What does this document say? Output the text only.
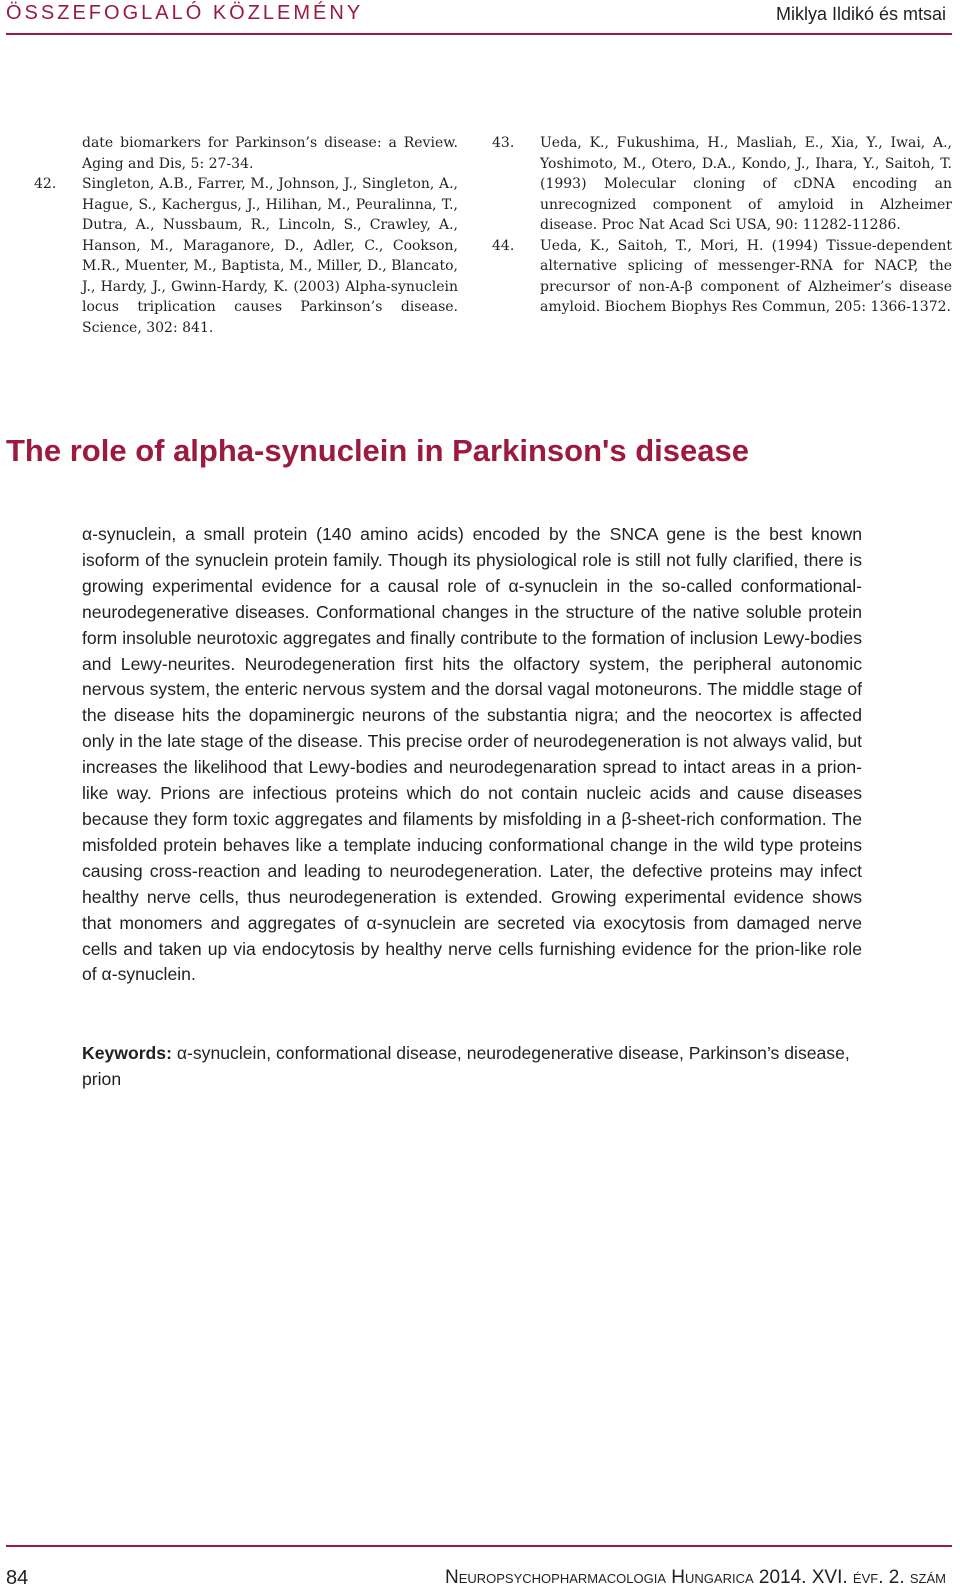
ÖSSZEFOGLALÓ KÖZLEMÉNY	Miklya Ildikó és mtsai
date biomarkers for Parkinson’s disease: a Review. Aging and Dis, 5: 27-34.
42. Singleton, A.B., Farrer, M., Johnson, J., Singleton, A., Hague, S., Kachergus, J., Hilihan, M., Peuralinna, T., Dutra, A., Nussbaum, R., Lincoln, S., Crawley, A., Hanson, M., Maraganore, D., Adler, C., Cookson, M.R., Muenter, M., Baptista, M., Miller, D., Blancato, J., Hardy, J., Gwinn-Hardy, K. (2003) Alpha-synuclein locus triplication causes Parkinson’s disease. Science, 302: 841.
43. Ueda, K., Fukushima, H., Masliah, E., Xia, Y., Iwai, A., Yoshimoto, M., Otero, D.A., Kondo, J., Ihara, Y., Saitoh, T. (1993) Molecular cloning of cDNA encoding an unrecognized component of amyloid in Alzheimer disease. Proc Nat Acad Sci USA, 90: 11282-11286.
44. Ueda, K., Saitoh, T., Mori, H. (1994) Tissue-dependent alternative splicing of messenger-RNA for NACP, the precursor of non-A-β component of Alzheimer’s disease amyloid. Biochem Biophys Res Commun, 205: 1366-1372.
The role of alpha-synuclein in Parkinson's disease

α-synuclein, a small protein (140 amino acids) encoded by the SNCA gene is the best known isoform of the synuclein protein family. Though its physiological role is still not fully clarified, there is growing experimental evidence for a causal role of α-synuclein in the so-called conformational-neurodegenerative diseases. Conformational changes in the structure of the native soluble protein form insoluble neurotoxic aggregates and finally contribute to the formation of inclusion Lewy-bodies and Lewy-neurites. Neurodegeneration first hits the olfactory system, the peripheral autonomic nervous system, the enteric nervous system and the dorsal vagal motoneurons. The middle stage of the disease hits the dopaminergic neurons of the substantia nigra; and the neocortex is affected only in the late stage of the disease. This precise order of neurodegeneration is not always valid, but increases the likelihood that Lewy-bodies and neurodegenaration spread to intact areas in a prion-like way. Prions are infectious proteins which do not contain nucleic acids and cause diseases because they form toxic aggregates and filaments by misfolding in a β-sheet-rich conformation. The misfolded protein behaves like a template inducing conformational change in the wild type proteins causing cross-reaction and leading to neurodegeneration. Later, the defective proteins may infect healthy nerve cells, thus neurodegeneration is extended. Growing experimental evidence shows that monomers and aggregates of α-synuclein are secreted via exocytosis from damaged nerve cells and taken up via endocytosis by healthy nerve cells furnishing evidence for the prion-like role of α-synuclein.

Keywords: α-synuclein, conformational disease, neurodegenerative disease, Parkinson’s disease, prion

84	Neuropsychopharmacologia Hungarica 2014. XVI. évf. 2. szám
